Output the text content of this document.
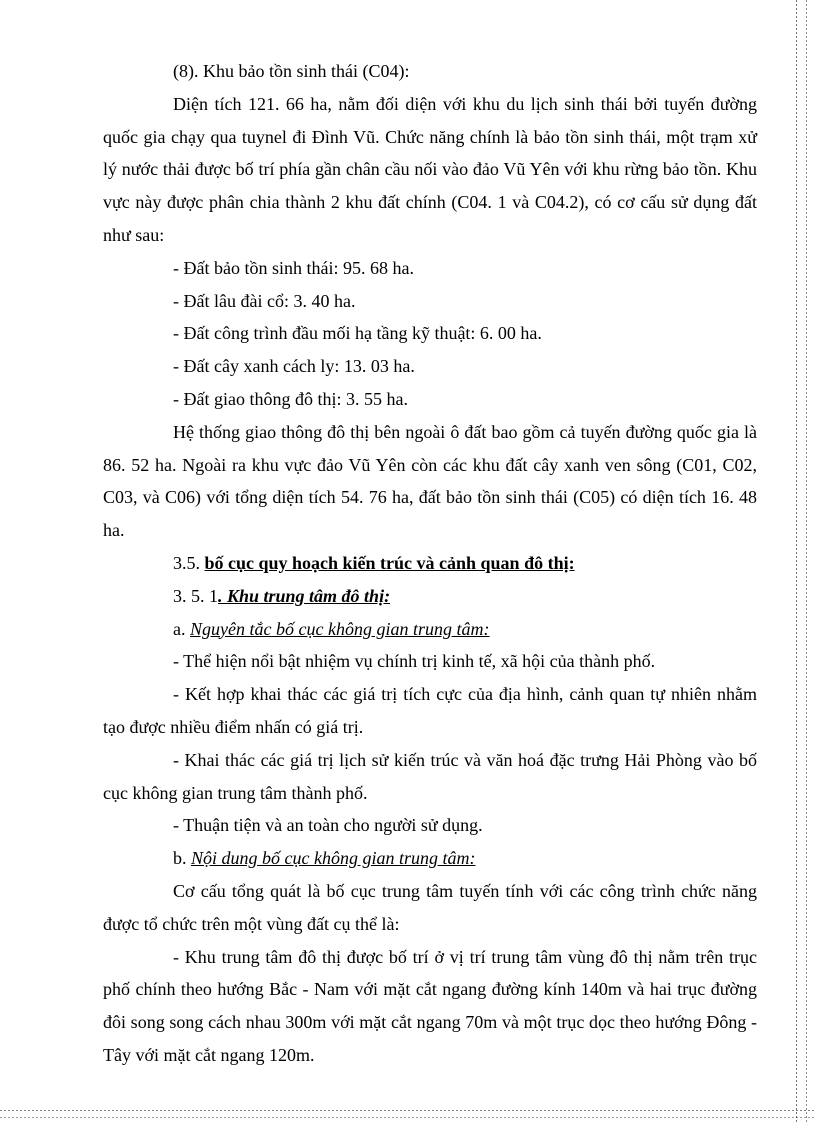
(8). Khu bảo tồn sinh thái (C04):

Diện tích 121. 66 ha, nằm đối diện với khu du lịch sinh thái bởi tuyến đường quốc gia chạy qua tuynel đi Đình Vũ. Chức năng chính là bảo tồn sinh thái, một trạm xử lý nước thải được bố trí phía gần chân cầu nối vào đảo Vũ Yên với khu rừng bảo tồn. Khu vực này được phân chia thành 2 khu đất chính (C04. 1 và C04.2), có cơ cấu sử dụng đất như sau:

- Đất bảo tồn sinh thái: 95. 68 ha.

- Đất lâu đài cổ: 3. 40 ha.

- Đất công trình đầu mối hạ tầng kỹ thuật: 6. 00 ha.

- Đất cây xanh cách ly: 13. 03 ha.

- Đất giao thông đô thị: 3. 55 ha.

Hệ thống giao thông đô thị bên ngoài ô đất bao gồm cả tuyến đường quốc gia là 86. 52 ha. Ngoài ra khu vực đảo Vũ Yên còn các khu đất cây xanh ven sông (C01, C02, C03, và C06) với tổng diện tích 54. 76 ha, đất bảo tồn sinh thái (C05) có diện tích 16. 48 ha.

3.5. bố cục quy hoạch kiến trúc và cảnh quan đô thị:

3. 5. 1. Khu trung tâm đô thị:

a. Nguyên tắc bố cục không gian trung tâm:

- Thể hiện nổi bật nhiệm vụ chính trị kinh tế, xã hội của thành phố.

- Kết hợp khai thác các giá trị tích cực của địa hình, cảnh quan tự nhiên nhằm tạo được nhiều điểm nhấn có giá trị.

- Khai thác các giá trị lịch sử kiến trúc và văn hoá đặc trưng Hải Phòng vào bố cục không gian trung tâm thành phố.

- Thuận tiện và an toàn cho người sử dụng.

b. Nội dung bố cục không gian trung tâm:

Cơ cấu tổng quát là bố cục trung tâm tuyến tính với các công trình chức năng được tổ chức trên một vùng đất cụ thể là:

- Khu trung tâm đô thị được bố trí ở vị trí trung tâm vùng đô thị nằm trên trục phố chính theo hướng Bắc - Nam với mặt cắt ngang đường kính 140m và hai trục đường đôi song song cách nhau 300m với mặt cắt ngang 70m và một trục dọc theo hướng Đông - Tây với mặt cắt ngang 120m.
